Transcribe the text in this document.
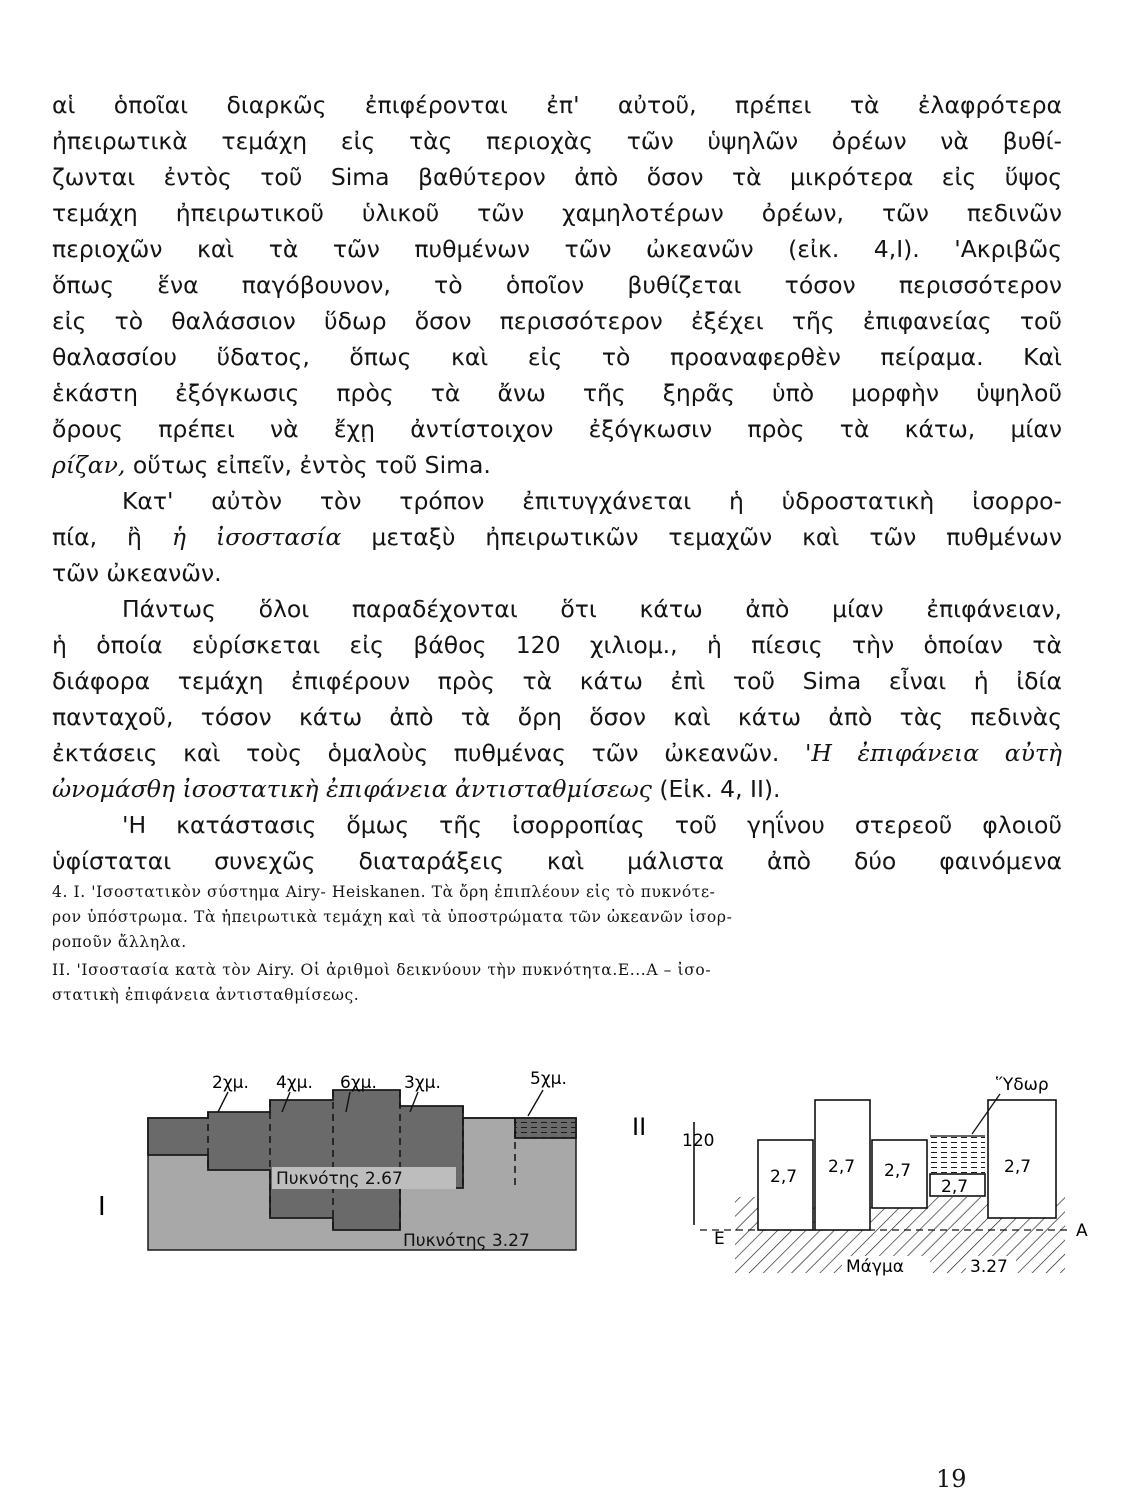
αἱ ὁποῖαι διαρκῶς ἐπιφέρονται ἐπ' αὐτοῦ, πρέπει τὰ ἐλαφρότερα
ἠπειρωτικὰ τεμάχη εἰς τὰς περιοχὰς τῶν ὑψηλῶν ὀρέων νὰ βυθί-
ζωνται ἐντὸς τοῦ Sima βαθύτερον ἀπὸ ὅσον τὰ μικρότερα εἰς ὕψος
τεμάχη ἠπειρωτικοῦ ὑλικοῦ τῶν χαμηλοτέρων ὀρέων, τῶν πεδινῶν
περιοχῶν καὶ τὰ τῶν πυθμένων τῶν ὠκεανῶν (εἰκ. 4,Ι). 'Ακριβῶς
ὅπως ἕνα παγόβουνον, τὸ ὁποῖον βυθίζεται τόσον περισσότερον
εἰς τὸ θαλάσσιον ὕδωρ ὅσον περισσότερον ἐξέχει τῆς ἐπιφανείας τοῦ
θαλασσίου ὕδατος, ὅπως καὶ εἰς τὸ προαναφερθὲν πείραμα. Καὶ
ἑκάστη ἐξόγκωσις πρὸς τὰ ἄνω τῆς ξηρᾶς ὑπὸ μορφὴν ὑψηλοῦ
ὄρους πρέπει νὰ ἔχῃ ἀντίστοιχον ἐξόγκωσιν πρὸς τὰ κάτω, μίαν
ρίζαν, οὕτως εἰπεῖν, ἐντὸς τοῦ Sima.
Κατ' αὐτὸν τὸν τρόπον ἐπιτυγχάνεται ἡ ὑδροστατικὴ ἰσορρο-
πία, ἢ ἡ ἰσοστασία μεταξὺ ἠπειρωτικῶν τεμαχῶν καὶ τῶν πυθμένων
τῶν ὠκεανῶν.
Πάντως ὅλοι παραδέχονται ὅτι κάτω ἀπὸ μίαν ἐπιφάνειαν,
ἡ ὁποία εὑρίσκεται εἰς βάθος 120 χιλιομ., ἡ πίεσις τὴν ὁποίαν τὰ
διάφορα τεμάχη ἐπιφέρουν πρὸς τὰ κάτω ἐπὶ τοῦ Sima εἶναι ἡ ἰδία
πανταχοῦ, τόσον κάτω ἀπὸ τὰ ὄρη ὅσον καὶ κάτω ἀπὸ τὰς πεδινὰς
ἐκτάσεις καὶ τοὺς ὁμαλοὺς πυθμένας τῶν ὠκεανῶν. 'Η ἐπιφάνεια αὐτὴ
ὠνομάσθη ἰσοστατικὴ ἐπιφάνεια ἀντισταθμίσεως (Εἰκ. 4, ΙΙ).
'Η κατάστασις ὅμως τῆς ἰσορροπίας τοῦ γηΐνου στερεοῦ φλοιοῦ
ὑφίσταται συνεχῶς διαταράξεις καὶ μάλιστα ἀπὸ δύο φαινόμενα
4. Ι. 'Ισοστατικὸν σύστημα Airy- Heiskanen. Τὰ ὄρη ἐπιπλέουν εἰς τὸ πυκνότε-
ρον ὑπόστρωμα. Τὰ ἠπειρωτικὰ τεμάχη καὶ τὰ ὑποστρώματα τῶν ὠκεανῶν ἰσορ-
ροποῦν ἄλληλα.
ΙΙ. 'Ισοστασία κατὰ τὸν Airy. Οἱ ἀριθμοὶ δεικνύουν τὴν πυκνότητα.Ε...Α – ἰσο-
στατικὴ ἐπιφάνεια ἀντισταθμίσεως.
I
2χμ. 4χμ. 6χμ. 3χμ.	5χμ.
Πυκνότης 2.67
Πυκνότης 3.27
II 120
Ε	Α
2,7 2,7 2,7
2,7
2,7
Ὕδωρ
Μάγμα	3.27
19
